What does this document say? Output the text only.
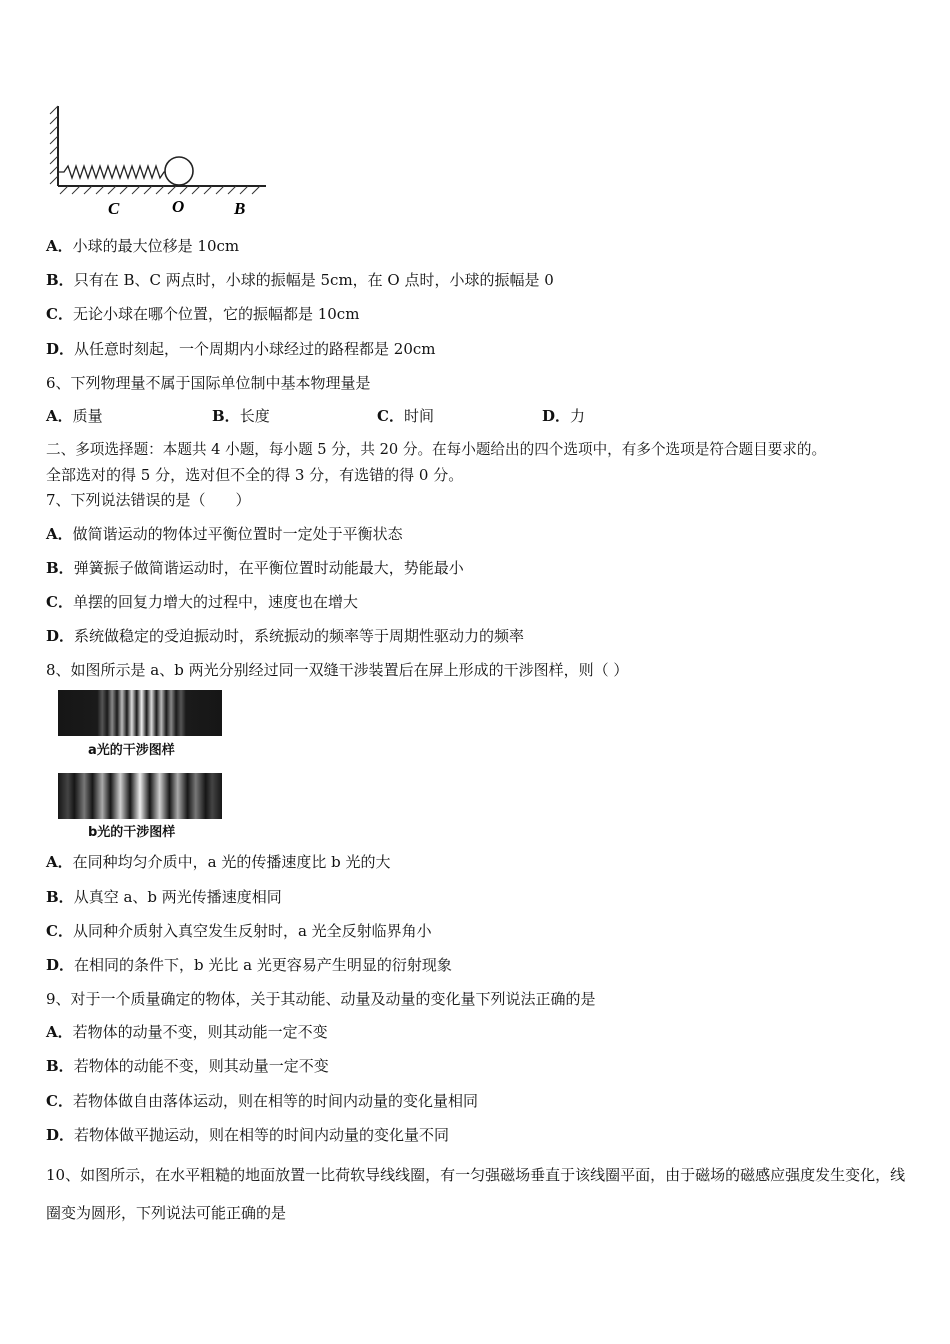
C	O	B
A．小球的最大位移是 10cm
B．只有在 B、C 两点时，小球的振幅是 5cm，在 O 点时，小球的振幅是 0
C．无论小球在哪个位置，它的振幅都是 10cm
D．从任意时刻起，一个周期内小球经过的路程都是 20cm
6、下列物理量不属于国际单位制中基本物理量是
A．质量	B．长度	C．时间	D．力
二、多项选择题：本题共 4 小题，每小题 5 分，共 20 分。在每小题给出的四个选项中，有多个选项是符合题目要求的。
全部选对的得 5 分，选对但不全的得 3 分，有选错的得 0 分。
7、下列说法错误的是（　　）
A．做简谐运动的物体过平衡位置时一定处于平衡状态
B．弹簧振子做简谐运动时，在平衡位置时动能最大，势能最小
C．单摆的回复力增大的过程中，速度也在增大
D．系统做稳定的受迫振动时，系统振动的频率等于周期性驱动力的频率
8、如图所示是 a、b 两光分别经过同一双缝干涉装置后在屏上形成的干涉图样，则（ ）
a光的干涉图样
b光的干涉图样
A．在同种均匀介质中，a 光的传播速度比 b 光的大
B．从真空 a、b 两光传播速度相同
C．从同种介质射入真空发生反射时，a 光全反射临界角小
D．在相同的条件下，b 光比 a 光更容易产生明显的衍射现象
9、对于一个质量确定的物体，关于其动能、动量及动量的变化量下列说法正确的是
A．若物体的动量不变，则其动能一定不变
B．若物体的动能不变，则其动量一定不变
C．若物体做自由落体运动，则在相等的时间内动量的变化量相同
D．若物体做平抛运动，则在相等的时间内动量的变化量不同
10、如图所示，在水平粗糙的地面放置一比荷软导线线圈，有一匀强磁场垂直于该线圈平面，由于磁场的磁感应强度发生变化，线圈变为圆形，下列说法可能正确的是
